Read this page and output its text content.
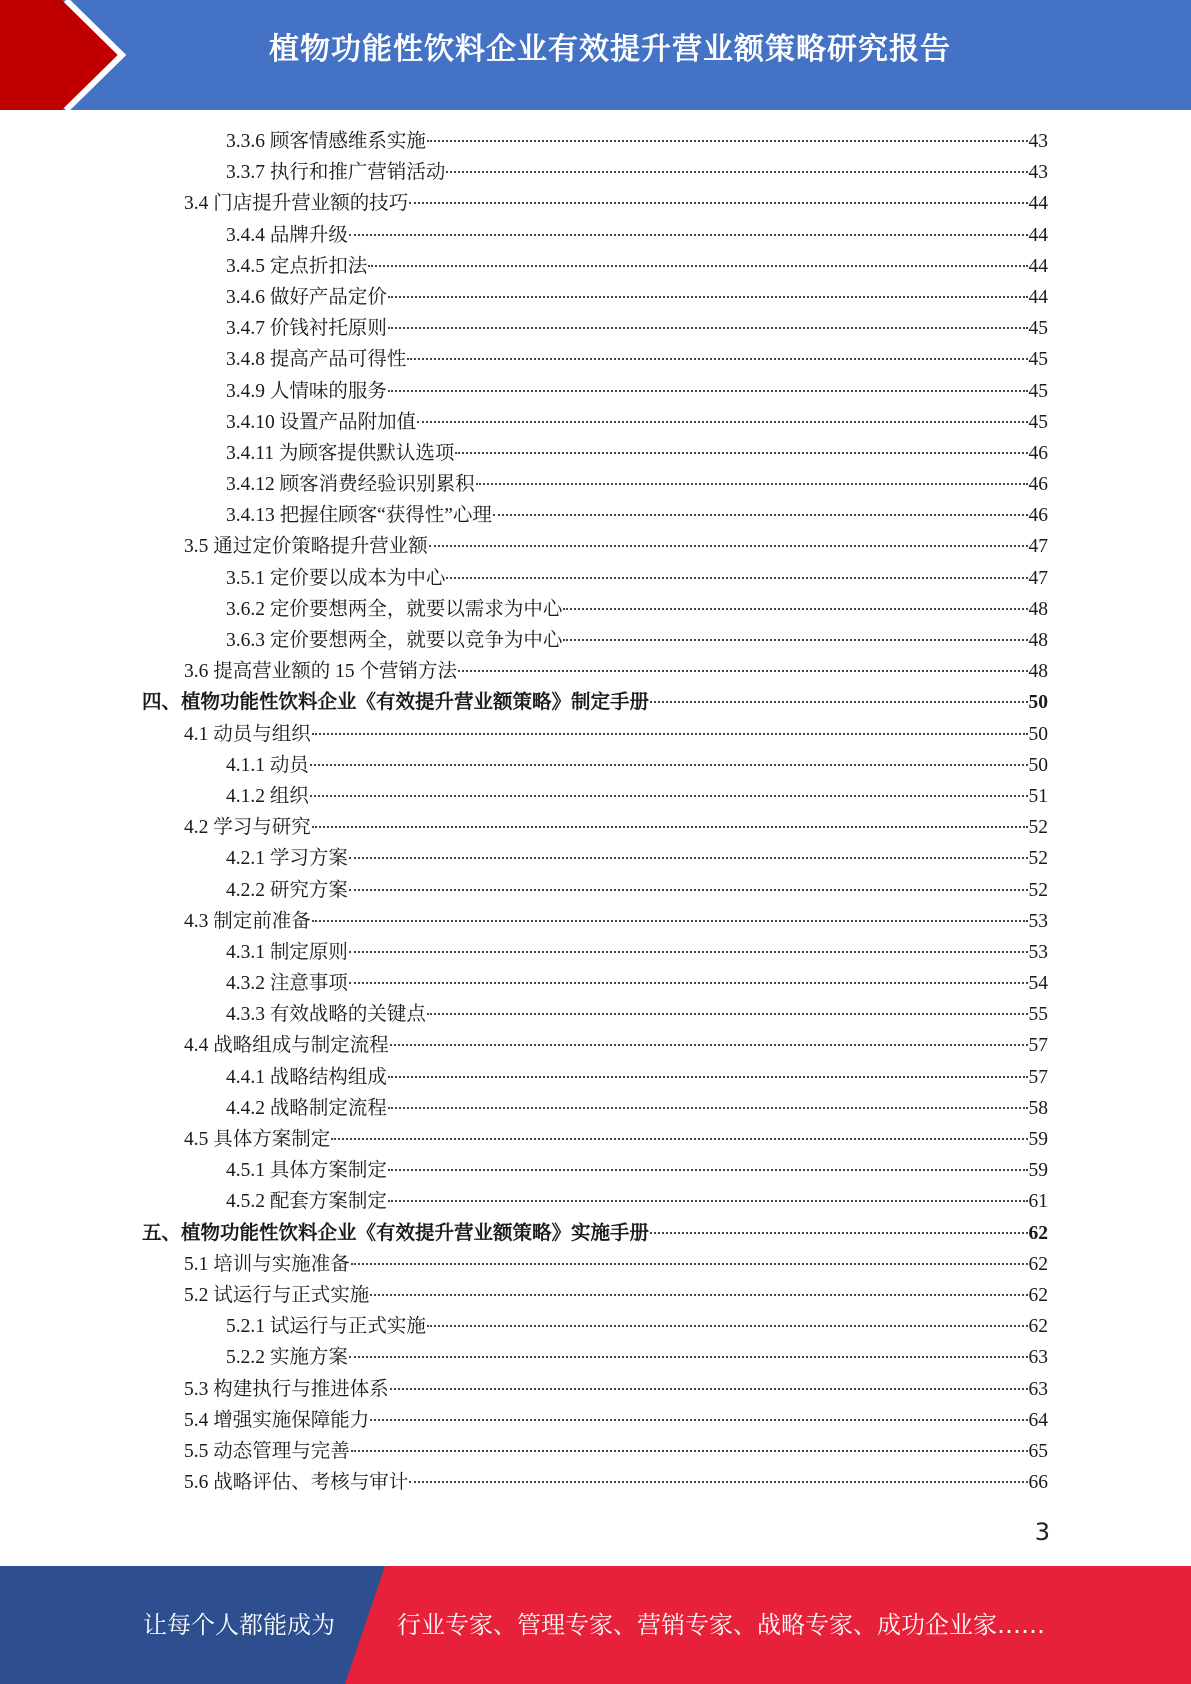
植物功能性饮料企业有效提升营业额策略研究报告
3.3.6 顾客情感维系实施	43
3.3.7 执行和推广营销活动	43
3.4 门店提升营业额的技巧	44
3.4.4 品牌升级	44
3.4.5 定点折扣法	44
3.4.6 做好产品定价	44
3.4.7 价钱衬托原则	45
3.4.8 提高产品可得性	45
3.4.9 人情味的服务	45
3.4.10 设置产品附加值	45
3.4.11 为顾客提供默认选项	46
3.4.12 顾客消费经验识别累积	46
3.4.13 把握住顾客“获得性”心理	46
3.5 通过定价策略提升营业额	47
3.5.1 定价要以成本为中心	47
3.6.2 定价要想两全，就要以需求为中心	48
3.6.3 定价要想两全，就要以竞争为中心	48
3.6 提高营业额的 15 个营销方法	48
四、植物功能性饮料企业《有效提升营业额策略》制定手册	50
4.1 动员与组织	50
4.1.1 动员	50
4.1.2 组织	51
4.2 学习与研究	52
4.2.1 学习方案	52
4.2.2 研究方案	52
4.3 制定前准备	53
4.3.1 制定原则	53
4.3.2 注意事项	54
4.3.3 有效战略的关键点	55
4.4 战略组成与制定流程	57
4.4.1 战略结构组成	57
4.4.2 战略制定流程	58
4.5 具体方案制定	59
4.5.1 具体方案制定	59
4.5.2 配套方案制定	61
五、植物功能性饮料企业《有效提升营业额策略》实施手册	62
5.1 培训与实施准备	62
5.2 试运行与正式实施	62
5.2.1 试运行与正式实施	62
5.2.2 实施方案	63
5.3 构建执行与推进体系	63
5.4 增强实施保障能力	64
5.5 动态管理与完善	65
5.6 战略评估、考核与审计	66
3
让每个人都能成为	行业专家、管理专家、营销专家、战略专家、成功企业家……
